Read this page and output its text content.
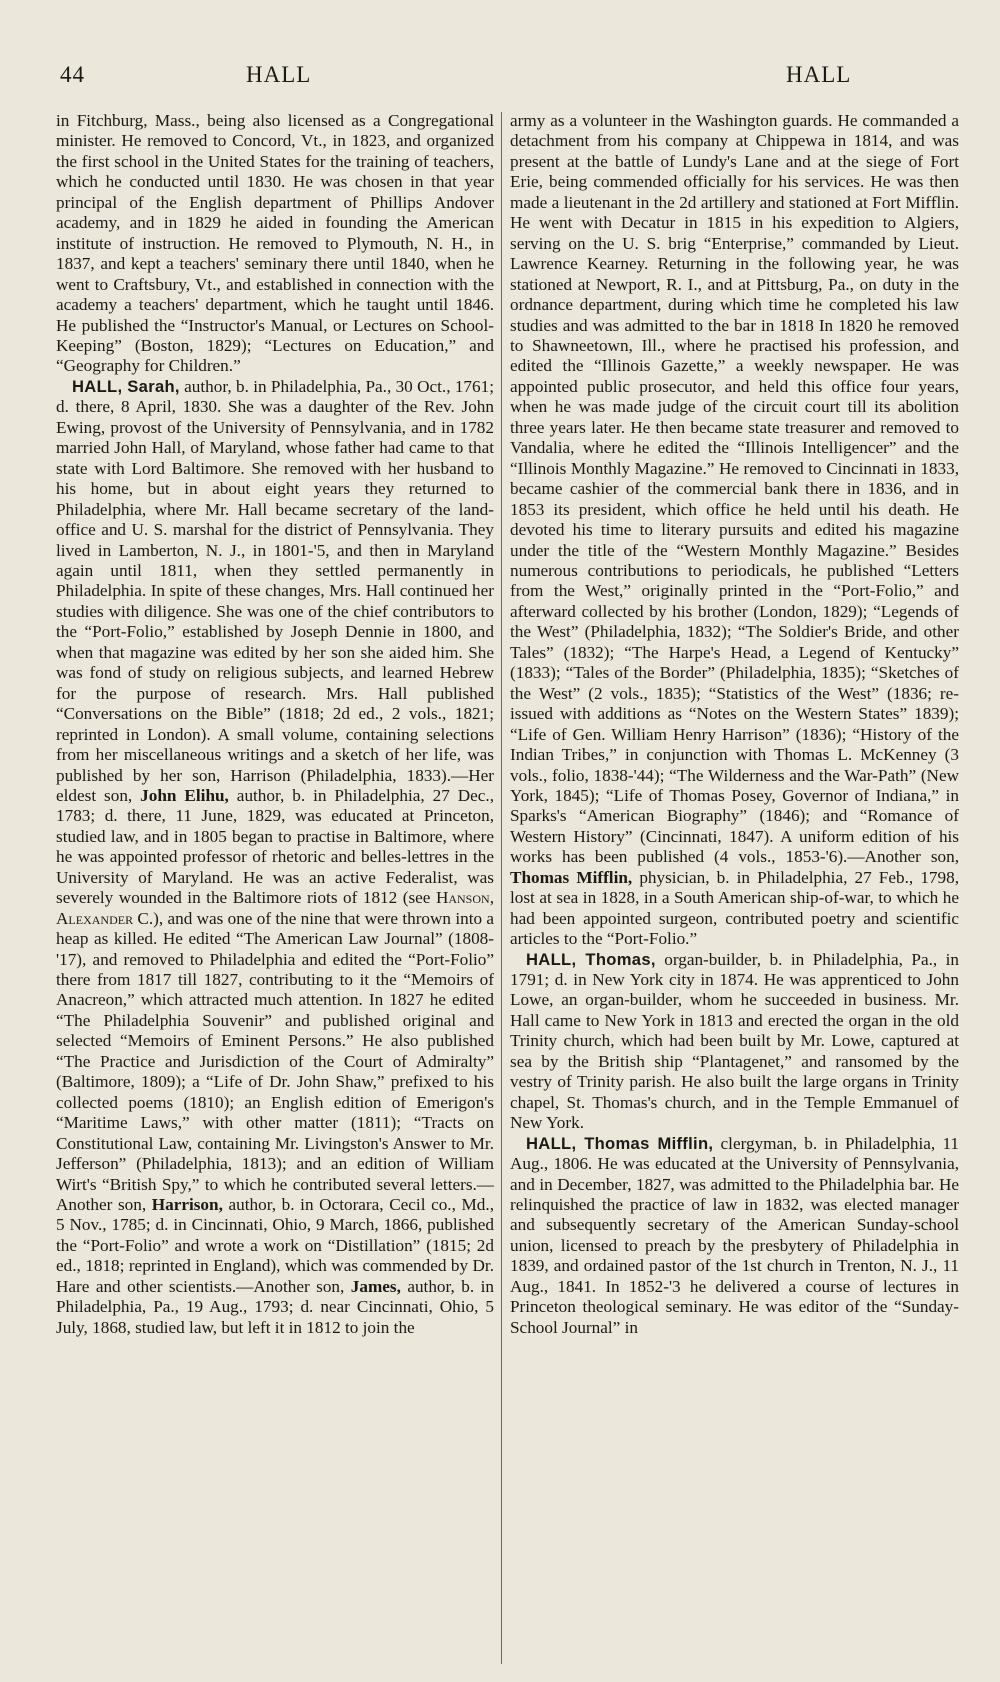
44	HALL	HALL

in Fitchburg, Mass., being also licensed as a Congregational minister. He removed to Concord, Vt., in 1823, and organized the first school in the United States for the training of teachers, which he conducted until 1830. He was chosen in that year principal of the English department of Phillips Andover academy, and in 1829 he aided in founding the American institute of instruction. He removed to Plymouth, N. H., in 1837, and kept a teachers' seminary there until 1840, when he went to Craftsbury, Vt., and established in connection with the academy a teachers' department, which he taught until 1846. He published the “Instructor's Manual, or Lectures on School-Keeping” (Boston, 1829); “Lectures on Education,” and “Geography for Children.”

HALL, Sarah, author, b. in Philadelphia, Pa., 30 Oct., 1761; d. there, 8 April, 1830. She was a daughter of the Rev. John Ewing, provost of the University of Pennsylvania, and in 1782 married John Hall, of Maryland, whose father had came to that state with Lord Baltimore. She removed with her husband to his home, but in about eight years they returned to Philadelphia, where Mr. Hall became secretary of the land-office and U. S. marshal for the district of Pennsylvania. They lived in Lamberton, N. J., in 1801-'5, and then in Maryland again until 1811, when they settled permanently in Philadelphia. In spite of these changes, Mrs. Hall continued her studies with diligence. She was one of the chief contributors to the “Port-Folio,” established by Joseph Dennie in 1800, and when that magazine was edited by her son she aided him. She was fond of study on religious subjects, and learned Hebrew for the purpose of research. Mrs. Hall published “Conversations on the Bible” (1818; 2d ed., 2 vols., 1821; reprinted in London). A small volume, containing selections from her miscellaneous writings and a sketch of her life, was published by her son, Harrison (Philadelphia, 1833).—Her eldest son, John Elihu, author, b. in Philadelphia, 27 Dec., 1783; d. there, 11 June, 1829, was educated at Princeton, studied law, and in 1805 began to practise in Baltimore, where he was appointed professor of rhetoric and belles-lettres in the University of Maryland. He was an active Federalist, was severely wounded in the Baltimore riots of 1812 (see Hanson, Alexander C.), and was one of the nine that were thrown into a heap as killed. He edited “The American Law Journal” (1808-'17), and removed to Philadelphia and edited the “Port-Folio” there from 1817 till 1827, contributing to it the “Memoirs of Anacreon,” which attracted much attention. In 1827 he edited “The Philadelphia Souvenir” and published original and selected “Memoirs of Eminent Persons.” He also published “The Practice and Jurisdiction of the Court of Admiralty” (Baltimore, 1809); a “Life of Dr. John Shaw,” prefixed to his collected poems (1810); an English edition of Emerigon's “Maritime Laws,” with other matter (1811); “Tracts on Constitutional Law, containing Mr. Livingston's Answer to Mr. Jefferson” (Philadelphia, 1813); and an edition of William Wirt's “British Spy,” to which he contributed several letters.—Another son, Harrison, author, b. in Octorara, Cecil co., Md., 5 Nov., 1785; d. in Cincinnati, Ohio, 9 March, 1866, published the “Port-Folio” and wrote a work on “Distillation” (1815; 2d ed., 1818; reprinted in England), which was commended by Dr. Hare and other scientists.—Another son, James, author, b. in Philadelphia, Pa., 19 Aug., 1793; d. near Cincinnati, Ohio, 5 July, 1868, studied law, but left it in 1812 to join the

army as a volunteer in the Washington guards. He commanded a detachment from his company at Chippewa in 1814, and was present at the battle of Lundy's Lane and at the siege of Fort Erie, being commended officially for his services. He was then made a lieutenant in the 2d artillery and stationed at Fort Mifflin. He went with Decatur in 1815 in his expedition to Algiers, serving on the U. S. brig “Enterprise,” commanded by Lieut. Lawrence Kearney. Returning in the following year, he was stationed at Newport, R. I., and at Pittsburg, Pa., on duty in the ordnance department, during which time he completed his law studies and was admitted to the bar in 1818 In 1820 he removed to Shawneetown, Ill., where he practised his profession, and edited the “Illinois Gazette,” a weekly newspaper. He was appointed public prosecutor, and held this office four years, when he was made judge of the circuit court till its abolition three years later. He then became state treasurer and removed to Vandalia, where he edited the “Illinois Intelligencer” and the “Illinois Monthly Magazine.” He removed to Cincinnati in 1833, became cashier of the commercial bank there in 1836, and in 1853 its president, which office he held until his death. He devoted his time to literary pursuits and edited his magazine under the title of the “Western Monthly Magazine.” Besides numerous contributions to periodicals, he published “Letters from the West,” originally printed in the “Port-Folio,” and afterward collected by his brother (London, 1829); “Legends of the West” (Philadelphia, 1832); “The Soldier's Bride, and other Tales” (1832); “The Harpe's Head, a Legend of Kentucky” (1833); “Tales of the Border” (Philadelphia, 1835); “Sketches of the West” (2 vols., 1835); “Statistics of the West” (1836; re-issued with additions as “Notes on the Western States” 1839); “Life of Gen. William Henry Harrison” (1836); “History of the Indian Tribes,” in conjunction with Thomas L. McKenney (3 vols., folio, 1838-'44); “The Wilderness and the War-Path” (New York, 1845); “Life of Thomas Posey, Governor of Indiana,” in Sparks's “American Biography” (1846); and “Romance of Western History” (Cincinnati, 1847). A uniform edition of his works has been published (4 vols., 1853-'6).—Another son, Thomas Mifflin, physician, b. in Philadelphia, 27 Feb., 1798, lost at sea in 1828, in a South American ship-of-war, to which he had been appointed surgeon, contributed poetry and scientific articles to the “Port-Folio.”

HALL, Thomas, organ-builder, b. in Philadelphia, Pa., in 1791; d. in New York city in 1874. He was apprenticed to John Lowe, an organ-builder, whom he succeeded in business. Mr. Hall came to New York in 1813 and erected the organ in the old Trinity church, which had been built by Mr. Lowe, captured at sea by the British ship “Plantagenet,” and ransomed by the vestry of Trinity parish. He also built the large organs in Trinity chapel, St. Thomas's church, and in the Temple Emmanuel of New York.

HALL, Thomas Mifflin, clergyman, b. in Philadelphia, 11 Aug., 1806. He was educated at the University of Pennsylvania, and in December, 1827, was admitted to the Philadelphia bar. He relinquished the practice of law in 1832, was elected manager and subsequently secretary of the American Sunday-school union, licensed to preach by the presbytery of Philadelphia in 1839, and ordained pastor of the 1st church in Trenton, N. J., 11 Aug., 1841. In 1852-'3 he delivered a course of lectures in Princeton theological seminary. He was editor of the “Sunday-School Journal” in
